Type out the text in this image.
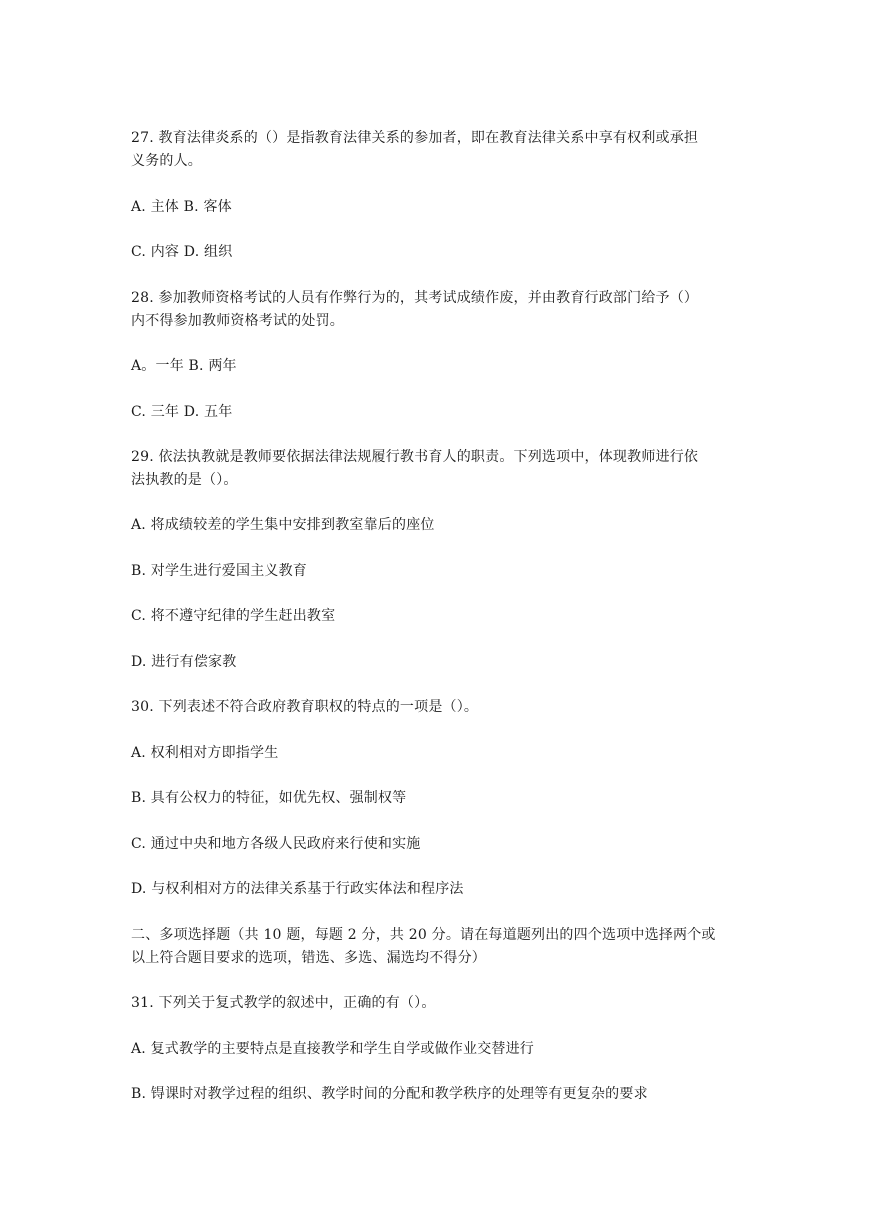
27. 教育法律炎系的（）是指教育法律关系的参加者，即在教育法律关系中享有权利或承担
义务的人。
A. 主体 B. 客体
C. 内容 D. 组织
28. 参加教师资格考试的人员有作弊行为的，其考试成绩作废，并由教育行政部门给予（）
内不得参加教师资格考试的处罚。
A。一年 B. 两年
C. 三年 D. 五年
29. 依法执教就是教师要依据法律法规履行教书育人的职责。下列选项中，体现教师进行依
法执教的是（）。
A. 将成绩较差的学生集中安排到教室靠后的座位
B. 对学生进行爱国主义教育
C. 将不遵守纪律的学生赶出教室
D. 进行有偿家教
30. 下列表述不符合政府教育职权的特点的一项是（）。
A. 权利相对方即指学生
B. 具有公权力的特征，如优先权、强制权等
C. 通过中央和地方各级人民政府来行使和实施
D. 与权利相对方的法律关系基于行政实体法和程序法
二、多项选择题（共 10 题，每题 2 分，共 20 分。请在每道题列出的四个选项中选择两个或
以上符合题目要求的选项，错选、多选、漏选均不得分）
31. 下列关于复式教学的叙述中，正确的有（）。
A. 复式教学的主要特点是直接教学和学生自学或做作业交替进行
B. 锝课时对教学过程的组织、教学时间的分配和教学秩序的处理等有更复杂的要求
